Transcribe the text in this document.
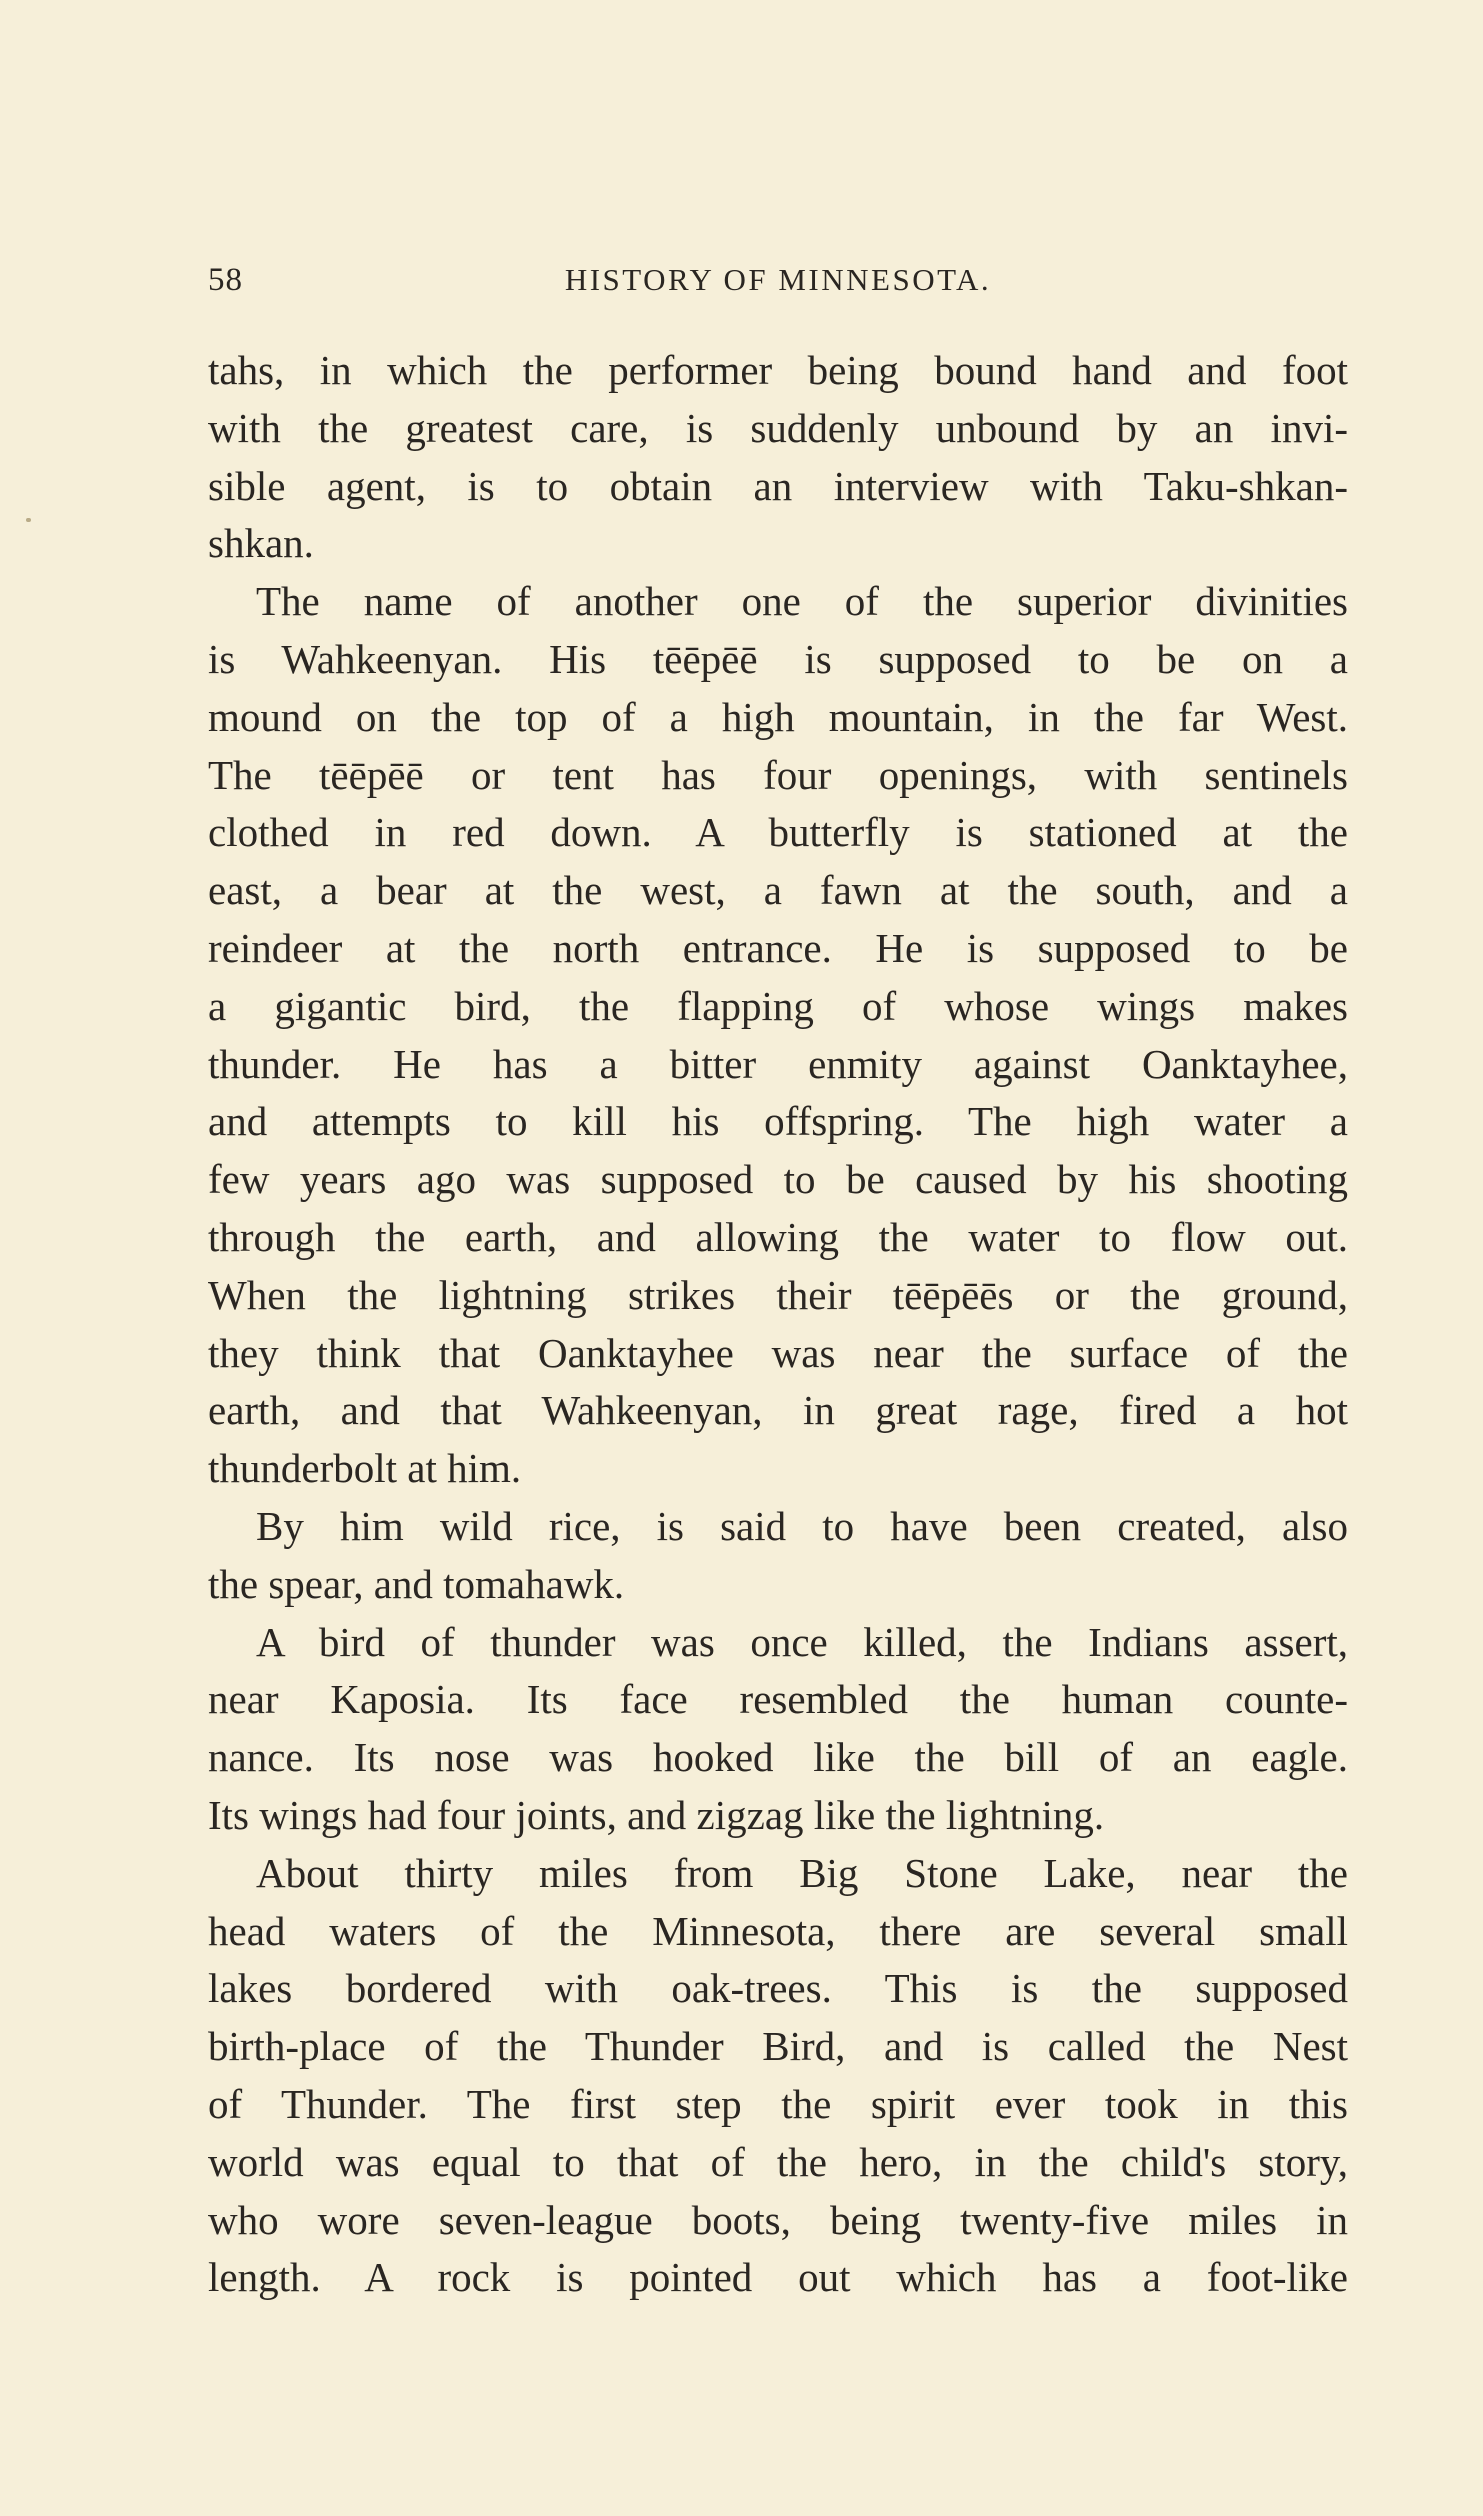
58	HISTORY OF MINNESOTA.
tahs, in which the performer being bound hand and foot
with the greatest care, is suddenly unbound by an invi-
sible agent, is to obtain an interview with Taku-shkan-
shkan.
The name of another one of the superior divinities
is Wahkeenyan. His tēēpēē is supposed to be on a
mound on the top of a high mountain, in the far West.
The tēēpēē or tent has four openings, with sentinels
clothed in red down. A butterfly is stationed at the
east, a bear at the west, a fawn at the south, and a
reindeer at the north entrance. He is supposed to be
a gigantic bird, the flapping of whose wings makes
thunder. He has a bitter enmity against Oanktayhee,
and attempts to kill his offspring. The high water a
few years ago was supposed to be caused by his shooting
through the earth, and allowing the water to flow out.
When the lightning strikes their tēēpēēs or the ground,
they think that Oanktayhee was near the surface of the
earth, and that Wahkeenyan, in great rage, fired a hot
thunderbolt at him.
By him wild rice, is said to have been created, also
the spear, and tomahawk.
A bird of thunder was once killed, the Indians assert,
near Kaposia. Its face resembled the human counte-
nance. Its nose was hooked like the bill of an eagle.
Its wings had four joints, and zigzag like the lightning.
About thirty miles from Big Stone Lake, near the
head waters of the Minnesota, there are several small
lakes bordered with oak-trees. This is the supposed
birth-place of the Thunder Bird, and is called the Nest
of Thunder. The first step the spirit ever took in this
world was equal to that of the hero, in the child's story,
who wore seven-league boots, being twenty-five miles in
length. A rock is pointed out which has a foot-like
